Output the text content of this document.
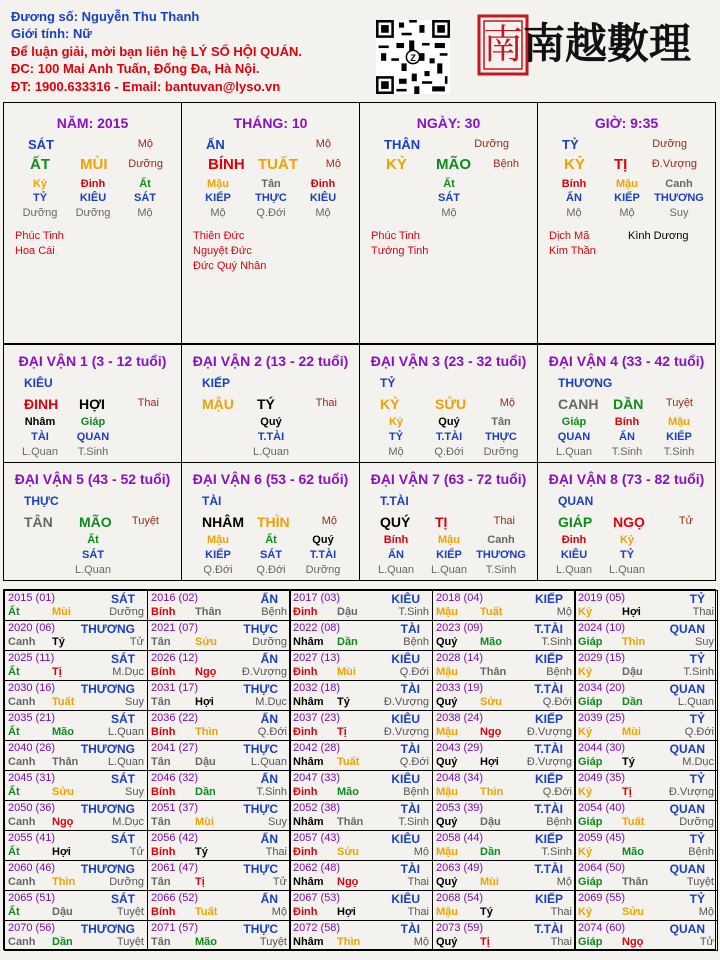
Đương số: Nguyễn Thu Thanh
Giới tính: Nữ
Để luận giải, mời bạn liên hệ LÝ SỐ HỘI QUÁN.
ĐC: 100 Mai Anh Tuấn, Đống Đa, Hà Nội.
ĐT: 1900.633316 - Email: bantuvan@lyso.vn
Z 南 南越數理
NĂM: 2015
SÁT	Mộ
ẤT MÙI Dưỡng
Kỷ	Đinh	Ất
TỶ	KIÊU	SÁT
Dưỡng	Dưỡng	Mộ
Phúc Tinh
Hoa Cái
THÁNG: 10
ẤN	Mộ
BÍNH TUẤT	Mộ
Mậu	Tân	Đinh
KIẾP	THỰC	KIÊU
Mộ	Q.Đới	Mộ
Thiên Đức
Nguyệt Đức
Đức Quý Nhân
NGÀY: 30
THÂN	Dưỡng
KỶ MÃO Bệnh
Ất
SÁT
Mộ
Phúc Tinh
Tướng Tinh
GIỜ: 9:35
TỶ	Dưỡng
KỶ TỊ Đ.Vượng
Bính	Mậu	Canh
ẤN	KIẾP	THƯƠNG
Mộ	Mộ	Suy
Dịch Mã
Kim Thần
Kình Dương
ĐẠI VẬN 1 (3 - 12 tuổi)
KIÊU
ĐINH HỢI	Thai
Nhâm	Giáp
TÀI	QUAN
L.Quan	T.Sinh
ĐẠI VẬN 2 (13 - 22 tuổi)
KIẾP
MẬU TÝ	Thai
Quý
T.TÀI
L.Quan
ĐẠI VẬN 3 (23 - 32 tuổi)
TỶ
KỶ	SỬU	Mộ
Kỷ	Quý	Tân
TỶ	T.TÀI	THỰC
Mộ	Q.Đới	Dưỡng
ĐẠI VẬN 4 (33 - 42 tuổi)
THƯƠNG
CANH DẦN Tuyệt
Giáp	Bính	Mậu
QUAN	ẤN	KIẾP
L.Quan	T.Sinh	T.Sinh
ĐẠI VẬN 5 (43 - 52 tuổi)
THỰC
TÂN MÃO Tuyệt
Ất
SÁT
L.Quan
ĐẠI VẬN 6 (53 - 62 tuổi)
TÀI
NHÂM THÌN	Mộ
Mậu	Ất	Quý
KIẾP	SÁT	T.TÀI
Q.Đới	Q.Đới	Dưỡng
ĐẠI VẬN 7 (63 - 72 tuổi)
T.TÀI
QUÝ TỊ	Thai
Bính	Mậu	Canh
ẤN	KIẾP	THƯƠNG
L.Quan	L.Quan	T.Sinh
ĐẠI VẬN 8 (73 - 82 tuổi)
QUAN
GIÁP NGỌ	Tử
Đinh	Kỷ
KIÊU	TỶ
L.Quan	L.Quan
2015 (01)	SÁT
Ất	Mùi	Dưỡng
2016 (02)	ẤN
Bính Thân	Bệnh
2017 (03)	KIÊU
Đinh Dậu	T.Sinh
2018 (04)	KIẾP
Mậu Tuất	Mộ
2019 (05)	TỶ
Kỷ	Hợi	Thai
2020 (06) THƯƠNG
Canh Tý	Tử
2021 (07)	THỰC
Tân Sửu	Dưỡng
2022 (08)	TÀI
Nhâm Dần	Bệnh
2023 (09)	T.TÀI
Quý Mão	T.Sinh
2024 (10)	QUAN
Giáp Thìn	Suy
2025 (11)	SÁT
Ất	Tị	M.Dục
2026 (12)	ẤN
Bính Ngọ Đ.Vượng
2027 (13)	KIÊU
Đinh Mùi	Q.Đới
2028 (14)	KIẾP
Mậu Thân	Bệnh
2029 (15)	TỶ
Kỷ	Dậu	T.Sinh
2030 (16) THƯƠNG
Canh Tuất	Suy
2031 (17)	THỰC
Tân Hợi	M.Dục
2032 (18)	TÀI
Nhâm Tý	Đ.Vượng
2033 (19)	T.TÀI
Quý Sửu	Q.Đới
2034 (20)	QUAN
Giáp Dần	L.Quan
2035 (21)	SÁT
Ất	Mão	L.Quan
2036 (22)	ẤN
Bính Thìn	Q.Đới
2037 (23)	KIÊU
Đinh Tị	Đ.Vượng
2038 (24)	KIẾP
Mậu Ngọ Đ.Vượng
2039 (25)	TỶ
Kỷ	Mùi	Q.Đới
2040 (26) THƯƠNG
Canh Thân	L.Quan
2041 (27)	THỰC
Tân Dậu	L.Quan
2042 (28)	TÀI
Nhâm Tuất	Q.Đới
2043 (29)	T.TÀI
Quý Hợi	Đ.Vượng
2044 (30)	QUAN
Giáp Tý	M.Dục
2045 (31)	SÁT
Ất	Sửu	Suy
2046 (32)	ẤN
Bính Dần	T.Sinh
2047 (33)	KIÊU
Đinh Mão	Bệnh
2048 (34)	KIẾP
Mậu Thìn	Q.Đới
2049 (35)	TỶ
Kỷ	Tị	Đ.Vượng
2050 (36) THƯƠNG
Canh Ngọ	M.Dục
2051 (37)	THỰC
Tân Mùi	Suy
2052 (38)	TÀI
Nhâm Thân	T.Sinh
2053 (39)	T.TÀI
Quý Dậu	Bệnh
2054 (40)	QUAN
Giáp Tuất	Dưỡng
2055 (41)	SÁT
Ất	Hợi	Tử
2056 (42)	ẤN
Bính Tý	Thai
2057 (43)	KIÊU
Đinh Sửu	Mộ
2058 (44)	KIẾP
Mậu Dần	T.Sinh
2059 (45)	TỶ
Kỷ	Mão	Bệnh
2060 (46) THƯƠNG
Canh Thìn	Dưỡng
2061 (47)	THỰC
Tân Tị	Tử
2062 (48)	TÀI
Nhâm Ngọ	Thai
2063 (49)	T.TÀI
Quý Mùi	Mộ
2064 (50)	QUAN
Giáp Thân	Tuyệt
2065 (51)	SÁT
Ất	Dậu	Tuyệt
2066 (52)	ẤN
Bính Tuất	Mộ
2067 (53)	KIÊU
Đinh Hợi	Thai
2068 (54)	KIẾP
Mậu Tý	Thai
2069 (55)	TỶ
Kỷ	Sửu	Mộ
2070 (56) THƯƠNG
Canh Dần	Tuyệt
2071 (57)	THỰC
Tân Mão	Tuyệt
2072 (58)	TÀI
Nhâm Thìn	Mộ
2073 (59)	T.TÀI
Quý Tị	Thai
2074 (60)	QUAN
Giáp Ngọ	Tử
